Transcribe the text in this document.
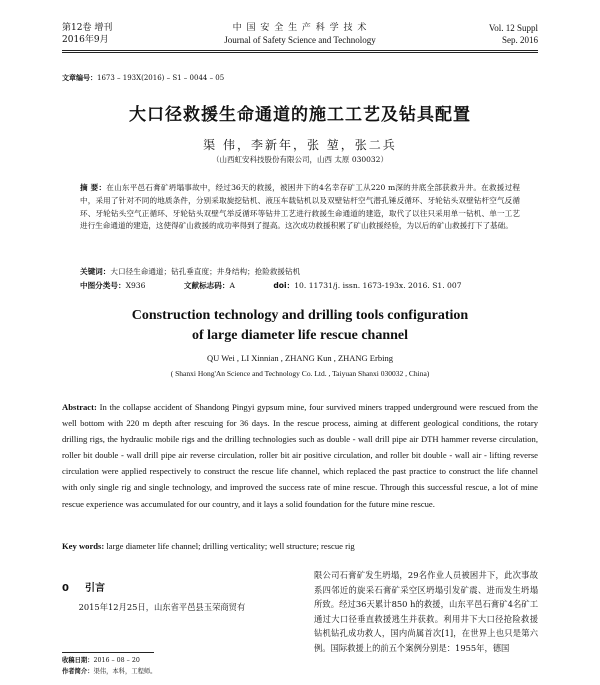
第12卷 增刊
2016年9月
中 国 安 全 生 产 科 学 技 术
Journal of Safety Science and Technology
Vol. 12 Suppl
Sep. 2016
文章编号：1673 – 193X(2016) – S1 – 0044 – 05
大口径救援生命通道的施工工艺及钻具配置
渠 伟，李新年，张 堃，张二兵
（山西虹安科技股份有限公司，山西 太原 030032）
摘 要：在山东平邑石膏矿坍塌事故中，经过36天的救援，被困井下的4名幸存矿工从220 m深的井底全部获救升井。在救援过程中，采用了针对不同的地质条件，分别采取旋挖钻机、液压车载钻机以及双壁钻杆空气潜孔锤反循环、牙轮钻头双壁钻杆空气反循环、牙轮钻头空气正循环、牙轮钻头双壁气举反循环等钻井工艺进行救援生命通道的建造，取代了以往只采用单一钻机、单一工艺进行生命通道的建造，这使得矿山救援的成功率得到了提高。这次成功救援积累了矿山救援经验，为以后的矿山救援打下了基础。
关键词：大口径生命通道；钻孔垂直度；井身结构；抢险救援钻机
中图分类号：X936	文献标志码：A	doi：10. 11731/j. issn. 1673-193x. 2016. S1. 007
Construction technology and drilling tools configuration
of large diameter life rescue channel
QU Wei , LI Xinnian , ZHANG Kun , ZHANG Erbing
( Shanxi Hong'An Science and Technology Co. Ltd. , Taiyuan Shanxi 030032 , China)
Abstract: In the collapse accident of Shandong Pingyi gypsum mine, four survived miners trapped underground were rescued from the well bottom with 220 m depth after rescuing for 36 days. In the rescue process, aiming at different geological conditions, the rotary drilling rigs, the hydraulic mobile rigs and the drilling technologies such as double - wall drill pipe air DTH hammer reverse circulation, roller bit double - wall drill pipe air reverse circulation, roller bit air positive circulation, and roller bit double - wall air - lifting reverse circulation were applied respectively to construct the rescue life channel, which replaced the past practice to construct the life channel with only single rig and single technology, and improved the success rate of mine rescue. Through this successful rescue, a lot of mine rescue experience was accumulated for our country, and it lays a solid foundation for the future mine rescue.
Key words: large diameter life channel; drilling verticality; well structure; rescue rig
0 引言
2015年12月25日，山东省平邑县玉荣商贸有
收稿日期：2016 – 08 – 20
作者简介：渠伟，本科，工程师。
限公司石膏矿发生坍塌，29名作业人员被困井下，此次事故系四邻近的旋采石膏矿采空区坍塌引发矿震、进而发生坍塌所致。经过36天累计850 h的救援，山东平邑石膏矿4名矿工通过大口径垂直救援逃生并获救。利用井下大口径抢险救援钻机钻孔成功救人，国内尚属首次[1]，在世界上也只是第六例。国际救援上的前五个案例分别是：1955年，德国
